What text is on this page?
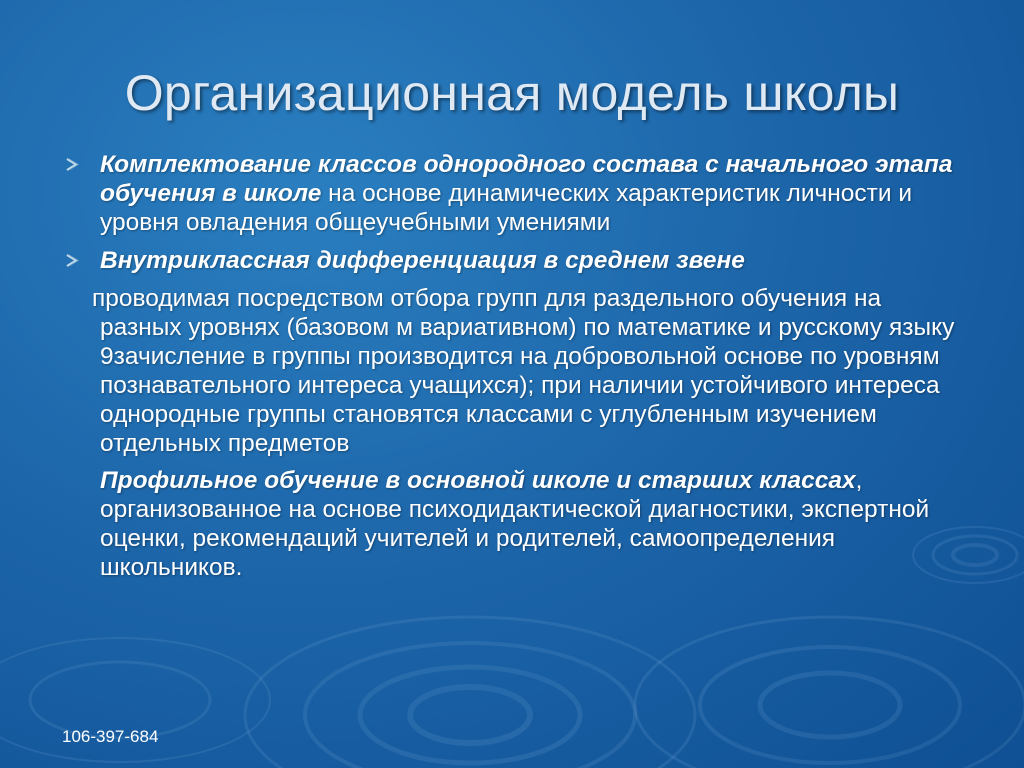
Организационная модель школы
Комплектование классов однородного состава с начального этапа обучения в школе на основе динамических характеристик личности и уровня овладения общеучебными умениями
Внутриклассная дифференциация в среднем звене
проводимая посредством отбора групп для раздельного обучения на разных уровнях (базовом м вариативном) по математике и русскому языку 9зачисление в группы производится на добровольной основе по уровням познавательного интереса учащихся); при наличии устойчивого интереса однородные группы становятся классами с углубленным изучением отдельных предметов
Профильное обучение в основной школе и старших классах, организованное на основе психодидактической диагностики, экспертной оценки, рекомендаций учителей и родителей, самоопределения школьников.
106-397-684
